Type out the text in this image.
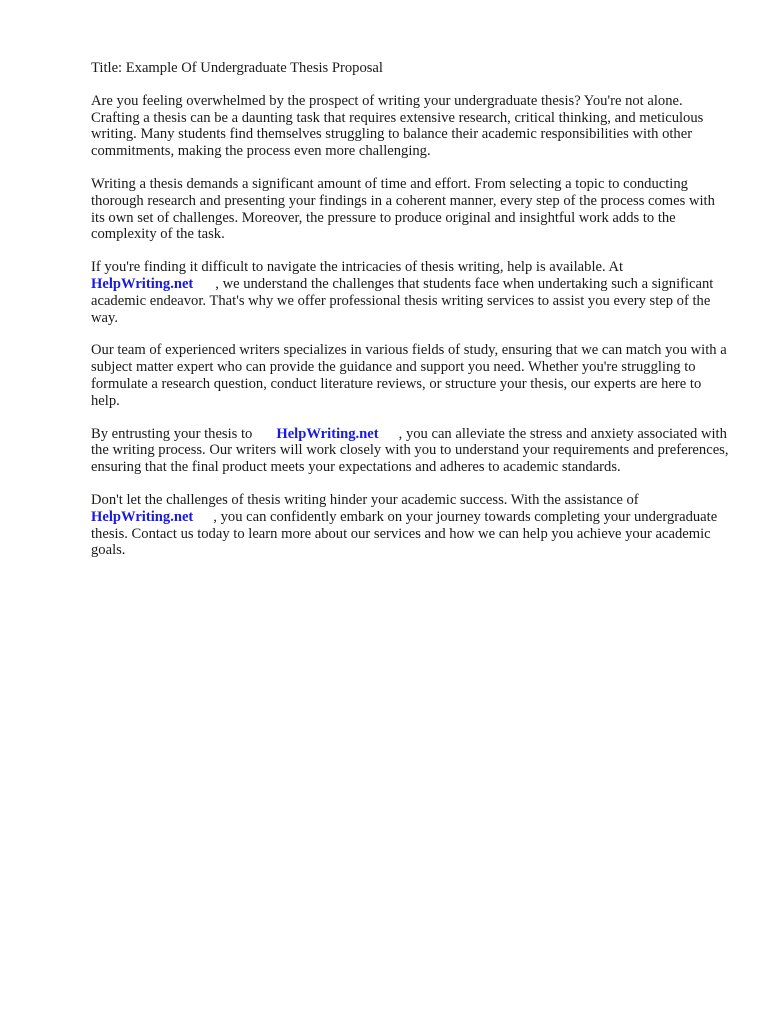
Title: Example Of Undergraduate Thesis Proposal

Are you feeling overwhelmed by the prospect of writing your undergraduate thesis? You're not alone. Crafting a thesis can be a daunting task that requires extensive research, critical thinking, and meticulous writing. Many students find themselves struggling to balance their academic responsibilities with other commitments, making the process even more challenging.

Writing a thesis demands a significant amount of time and effort. From selecting a topic to conducting thorough research and presenting your findings in a coherent manner, every step of the process comes with its own set of challenges. Moreover, the pressure to produce original and insightful work adds to the complexity of the task.

If you're finding it difficult to navigate the intricacies of thesis writing, help is available. At
HelpWriting.net , we understand the challenges that students face when undertaking such a significant academic endeavor. That's why we offer professional thesis writing services to assist you every step of the way.

Our team of experienced writers specializes in various fields of study, ensuring that we can match you with a subject matter expert who can provide the guidance and support you need. Whether you're struggling to formulate a research question, conduct literature reviews, or structure your thesis, our experts are here to help.

By entrusting your thesis to HelpWriting.net , you can alleviate the stress and anxiety associated with the writing process. Our writers will work closely with you to understand your requirements and preferences, ensuring that the final product meets your expectations and adheres to academic standards.

Don't let the challenges of thesis writing hinder your academic success. With the assistance of
HelpWriting.net , you can confidently embark on your journey towards completing your undergraduate thesis. Contact us today to learn more about our services and how we can help you achieve your academic goals.
